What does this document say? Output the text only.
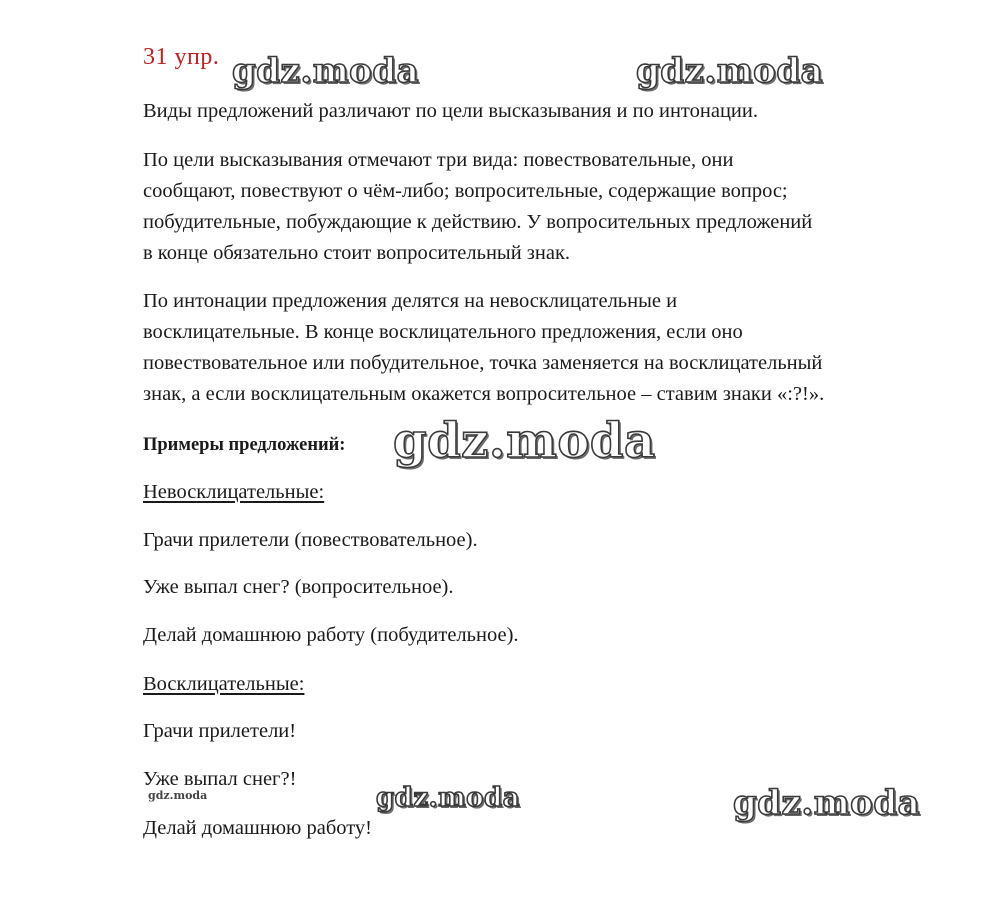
31 упр.

Виды предложений различают по цели высказывания и по интонации.

По цели высказывания отмечают три вида: повествовательные, они
сообщают, повествуют о чём-либо; вопросительные, содержащие вопрос;
побудительные, побуждающие к действию. У вопросительных предложений
в конце обязательно стоит вопросительный знак.
По интонации предложения делятся на невосклицательные и
восклицательные. В конце восклицательного предложения, если оно
повествовательное или побудительное, точка заменяется на восклицательный
знак, а если восклицательным окажется вопросительное – ставим знаки «:?!».
Примеры предложений:
Невосклицательные:
Грачи прилетели (повествовательное).
Уже выпал снег? (вопросительное).
Делай домашнюю работу (побудительное).
Восклицательные:
Грачи прилетели!
Уже выпал снег?!
Делай домашнюю работу!
gdz.moda	gdz.moda
gdz.moda
gdz.moda	gdz.moda
gdz.moda
